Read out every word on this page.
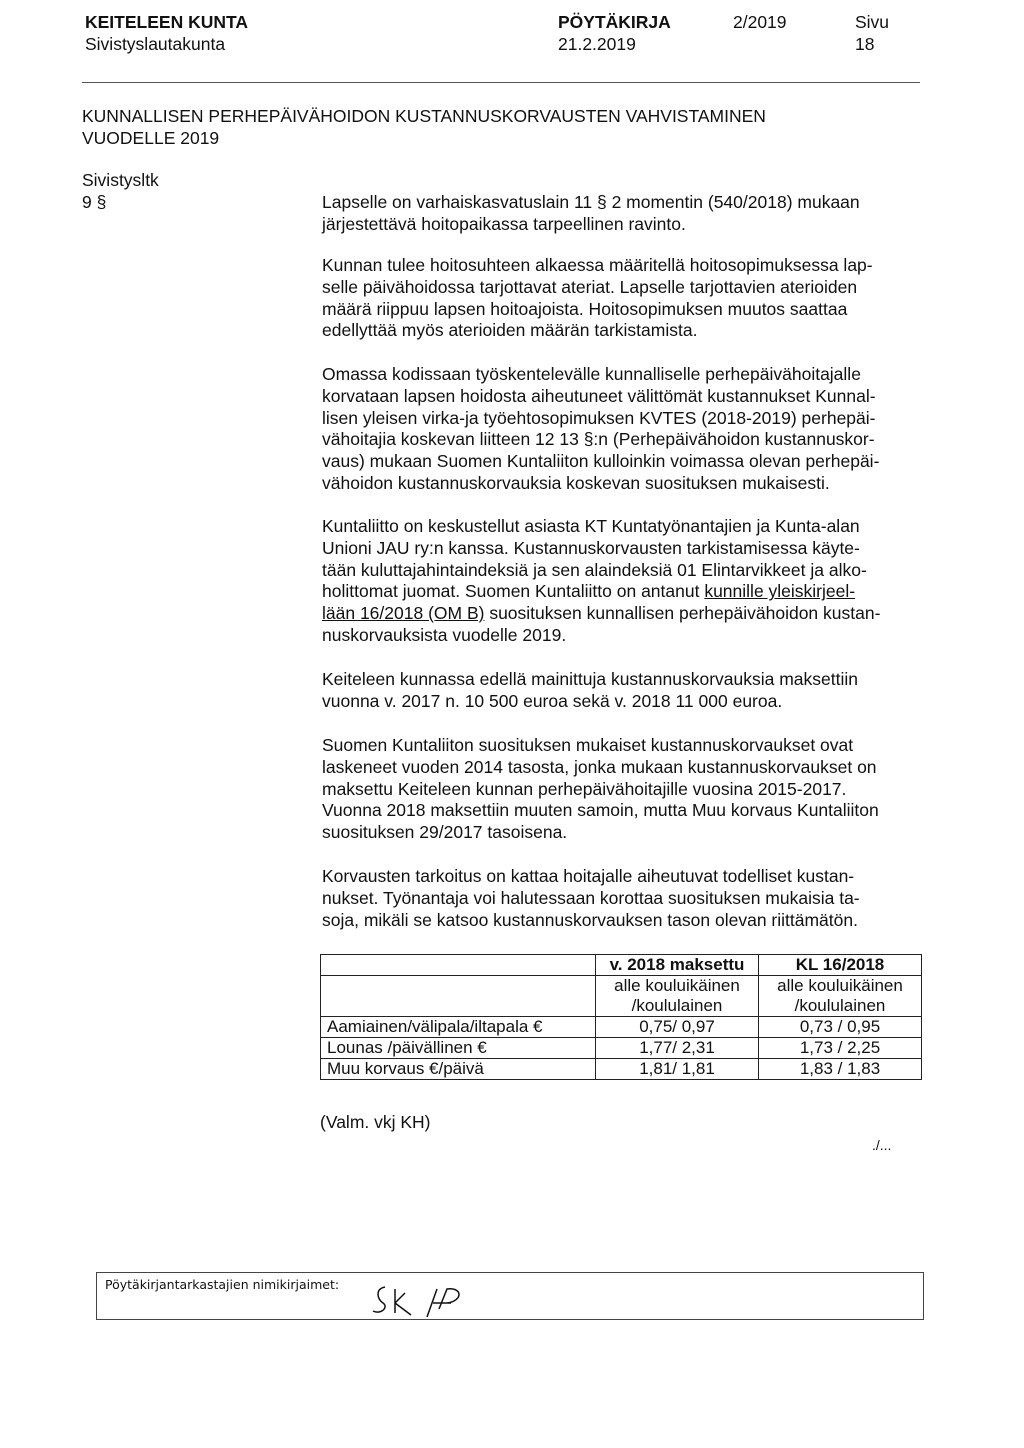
KEITELEEN KUNTA
Sivistyslautakunta
PÖYTÄKIRJA
21.2.2019
2/2019	Sivu
18
KUNNALLISEN PERHEPÄIVÄHOIDON KUSTANNUSKORVAUSTEN VAHVISTAMINEN
VUODELLE 2019
Sivistysltk
9 §	Lapselle on varhaiskasvatuslain 11 § 2 momentin (540/2018) mukaan
järjestettävä hoitopaikassa tarpeellinen ravinto.
Kunnan tulee hoitosuhteen alkaessa määritellä hoitosopimuksessa lap-
selle päivähoidossa tarjottavat ateriat. Lapselle tarjottavien aterioiden
määrä riippuu lapsen hoitoajoista. Hoitosopimuksen muutos saattaa
edellyttää myös aterioiden määrän tarkistamista.
Omassa kodissaan työskentelevälle kunnalliselle perhepäivähoitajalle
korvataan lapsen hoidosta aiheutuneet välittömät kustannukset Kunnal-
lisen yleisen virka-ja työehtosopimuksen KVTES (2018-2019) perhepäi-
vähoitajia koskevan liitteen 12 13 §:n (Perhepäivähoidon kustannuskor-
vaus) mukaan Suomen Kuntaliiton kulloinkin voimassa olevan perhepäi-
vähoidon kustannuskorvauksia koskevan suosituksen mukaisesti.
Kuntaliitto on keskustellut asiasta KT Kuntatyönantajien ja Kunta-alan
Unioni JAU ry:n kanssa. Kustannuskorvausten tarkistamisessa käyte-
tään kuluttajahintaindeksiä ja sen alaindeksiä 01 Elintarvikkeet ja alko-
holittomat juomat. Suomen Kuntaliitto on antanut kunnille yleiskirjeel-
lään 16/2018 (OM B) suosituksen kunnallisen perhepäivähoidon kustan-
nuskorvauksista vuodelle 2019.
Keiteleen kunnassa edellä mainittuja kustannuskorvauksia maksettiin
vuonna v. 2017 n. 10 500 euroa sekä v. 2018 11 000 euroa.
Suomen Kuntaliiton suosituksen mukaiset kustannuskorvaukset ovat
laskeneet vuoden 2014 tasosta, jonka mukaan kustannuskorvaukset on
maksettu Keiteleen kunnan perhepäivähoitajille vuosina 2015-2017.
Vuonna 2018 maksettiin muuten samoin, mutta Muu korvaus Kuntaliiton
suosituksen 29/2017 tasoisena.
Korvausten tarkoitus on kattaa hoitajalle aiheutuvat todelliset kustan-
nukset. Työnantaja voi halutessaan korottaa suosituksen mukaisia ta-
soja, mikäli se katsoo kustannuskorvauksen tason olevan riittämätön.
	v. 2018 maksettu	KL 16/2018
	alle kouluikäinen /koululainen	alle kouluikäinen /koululainen
Aamiainen/välipala/iltapala €	0,75/ 0,97	0,73 / 0,95
Lounas /päivällinen €	1,77/ 2,31	1,73 / 2,25
Muu korvaus €/päivä	1,81/ 1,81	1,83 / 1,83
(Valm. vkj KH)
./...
Pöytäkirjantarkastajien nimikirjaimet:
